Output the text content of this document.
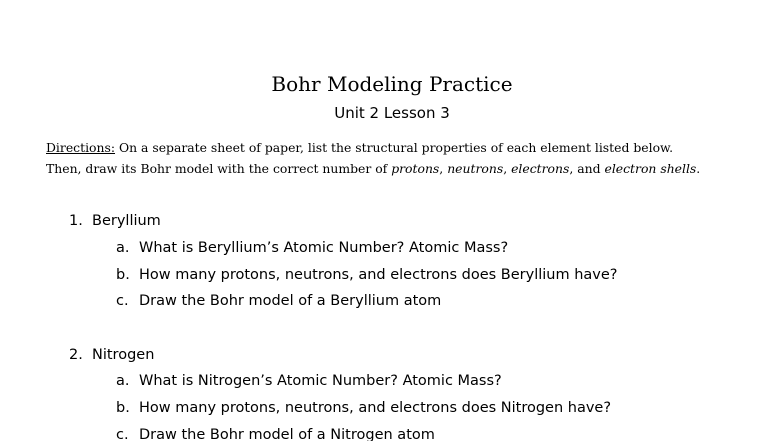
Bohr Modeling Practice
Unit 2 Lesson 3
Directions: On a separate sheet of paper, list the structural properties of each element listed below.
Then, draw its Bohr model with the correct number of protons, neutrons, electrons, and electron shells.
1. Beryllium
a. What is Beryllium’s Atomic Number? Atomic Mass?
b. How many protons, neutrons, and electrons does Beryllium have?
c. Draw the Bohr model of a Beryllium atom
2. Nitrogen
a. What is Nitrogen’s Atomic Number? Atomic Mass?
b. How many protons, neutrons, and electrons does Nitrogen have?
c. Draw the Bohr model of a Nitrogen atom
